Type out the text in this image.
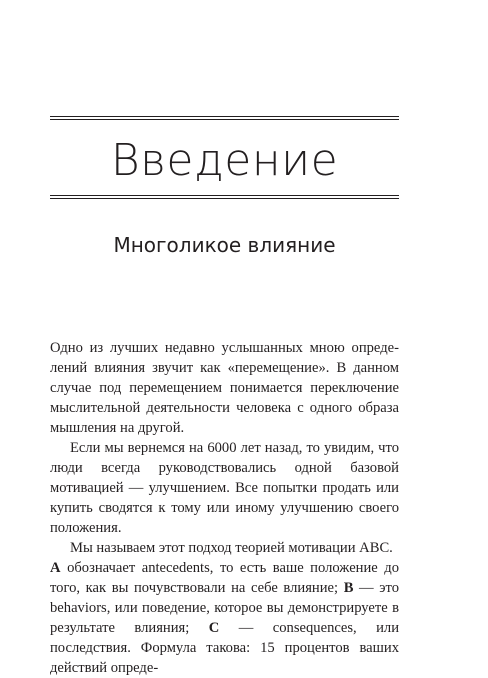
Введение
Многоликое влияние

Одно из лучших недавно услышанных мною определений влияния звучит как «перемещение». В данном случае под перемещением понимается переключение мыслительной деятельности человека с одного образа мышления на другой.

Если мы вернемся на 6000 лет назад, то увидим, что люди всегда руководствовались одной базовой мотивацией — улучшением. Все попытки продать или купить сводятся к тому или иному улучшению своего положения.

Мы называем этот подход теорией мотивации ABC.
A обозначает antecedents, то есть ваше положение до того, как вы почувствовали на себе влияние; B — это behaviors, или поведение, которое вы демонстрируете в результате влияния; C — consequences, или последствия. Формула такова: 15 процентов ваших действий опреде-
